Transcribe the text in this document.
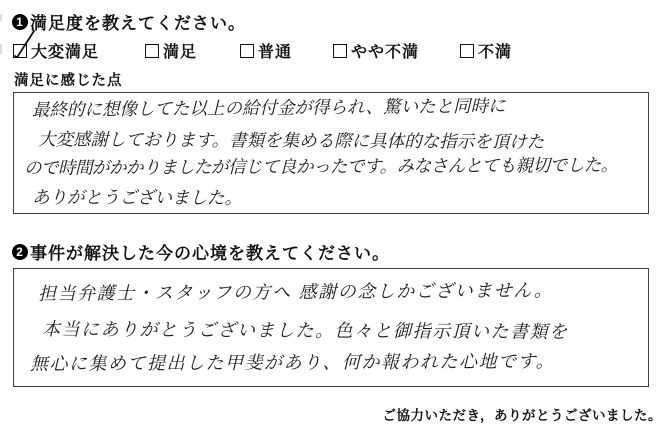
1 満足度を教えてください。
大変満足	満足	普通	やや不満	不満
満足に感じた点
最終的に想像してた以上の給付金が得られ、驚いたと同時に
大変感謝しております。書類を集める際に具体的な指示を頂けた
ので時間がかかりましたが信じて良かったです。みなさんとても親切でした。
ありがとうございました。
2 事件が解決した今の心境を教えてください。
担当弁護士・スタッフの方へ 感謝の念しかございません。
本当にありがとうございました。色々と御指示頂いた書類を
無心に集めて提出した甲斐があり、何か報われた心地です。
ご協力いただき，ありがとうございました。
